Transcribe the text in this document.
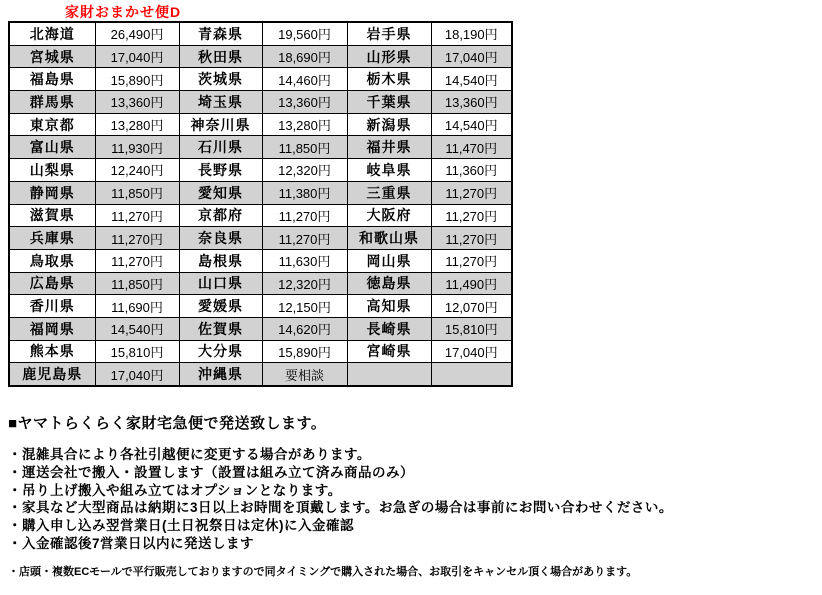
家財おまかせ便D
北海道	26,490円	青森県	19,560円	岩手県	18,190円
宮城県	17,040円	秋田県	18,690円	山形県	17,040円
福島県	15,890円	茨城県	14,460円	栃木県	14,540円
群馬県	13,360円	埼玉県	13,360円	千葉県	13,360円
東京都	13,280円	神奈川県	13,280円	新潟県	14,540円
富山県	11,930円	石川県	11,850円	福井県	11,470円
山梨県	12,240円	長野県	12,320円	岐阜県	11,360円
静岡県	11,850円	愛知県	11,380円	三重県	11,270円
滋賀県	11,270円	京都府	11,270円	大阪府	11,270円
兵庫県	11,270円	奈良県	11,270円	和歌山県	11,270円
鳥取県	11,270円	島根県	11,630円	岡山県	11,270円
広島県	11,850円	山口県	12,320円	徳島県	11,490円
香川県	11,690円	愛媛県	12,150円	高知県	12,070円
福岡県	14,540円	佐賀県	14,620円	長崎県	15,810円
熊本県	15,810円	大分県	15,890円	宮崎県	17,040円
鹿児島県	17,040円	沖縄県	要相談		

■ヤマトらくらく家財宅急便で発送致します。

・混雑具合により各社引越便に変更する場合があります。

・運送会社で搬入・設置します（設置は組み立て済み商品のみ）

・吊り上げ搬入や組み立てはオプションとなります。

・家具など大型商品は納期に3日以上お時間を頂戴します。お急ぎの場合は事前にお問い合わせください。

・購入申し込み翌営業日(土日祝祭日は定休)に入金確認

・入金確認後7営業日以内に発送します

・店頭・複数ECモールで平行販売しておりますので同タイミングで購入された場合、お取引をキャンセル頂く場合があります。
